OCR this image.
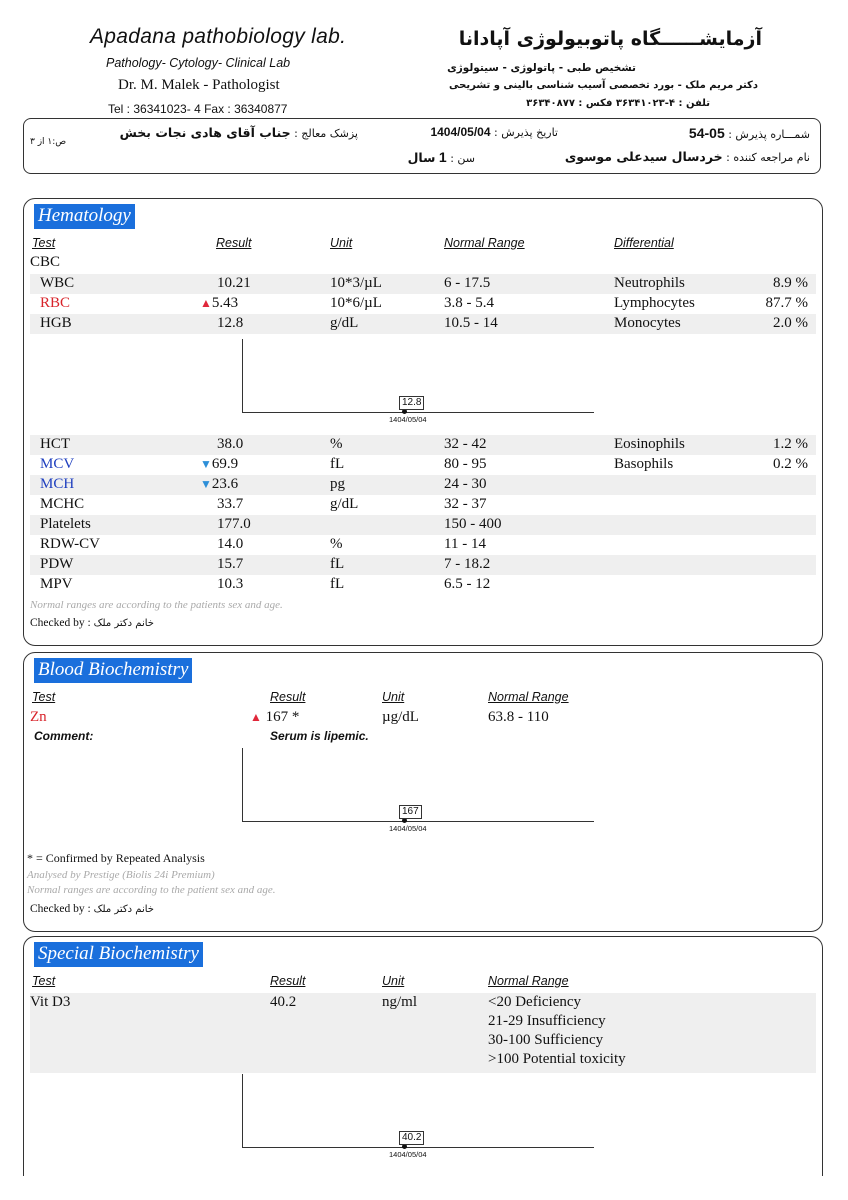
Apadana pathobiology lab.
Pathology- Cytology- Clinical Lab
Dr. M. Malek - Pathologist
Tel : 36341023- 4 Fax : 36340877
آزمایشــــــگاه پاتوبیولوژی آپادانا
تشخیص طبی - پاتولوژی - سیتولوژی
دکتر مریم ملک - بورد تخصصی آسیب شناسی بالینی و تشریحی
تلفن : ۴-۳۶۳۴۱۰۲۳ فکس : ۳۶۳۴۰۸۷۷
شمـــاره پذیرش : 05-54
تاریخ پذیرش : 1404/05/04
پزشک معالج : جناب آقای هادی نجات بخش
ص:۱ از ۳
نام مراجعه کننده : خردسال سیدعلی موسوی
سن : 1 سال
Hematology
Test	Result	Unit	Normal Range	Differential
CBC
WBC	10.21	10*3/µL	6 - 17.5	Neutrophils	8.9 %
RBC	▲5.43	10*6/µL	3.8 - 5.4	Lymphocytes	87.7 %
HGB	12.8	g/dL	10.5 - 14	Monocytes	2.0 %
12.8
1404/05/04
HCT	38.0	%	32 - 42	Eosinophils	1.2 %
MCV	▼69.9	fL	80 - 95	Basophils	0.2 %
MCH	▼23.6	pg	24 - 30
MCHC	33.7	g/dL	32 - 37
Platelets	177.0	150 - 400
RDW-CV	14.0	%	11 - 14
PDW	15.7	fL	7 - 18.2
MPV	10.3	fL	6.5 - 12
Normal ranges are according to the patients sex and age.
Checked by : خانم دکتر ملک
Blood Biochemistry
Test	Result	Unit	Normal Range
Zn	▲ 167 *	µg/dL	63.8 - 110
Comment:	Serum is lipemic.
167
1404/05/04
* = Confirmed by Repeated Analysis
Analysed by Prestige (Biolis 24i Premium)
Normal ranges are according to the patient sex and age.
Checked by : خانم دکتر ملک
Special Biochemistry
Test	Result	Unit	Normal Range
Vit D3	40.2	ng/ml	<20 Deficiency
21-29 Insufficiency
30-100 Sufficiency
>100 Potential toxicity
40.2
1404/05/04
